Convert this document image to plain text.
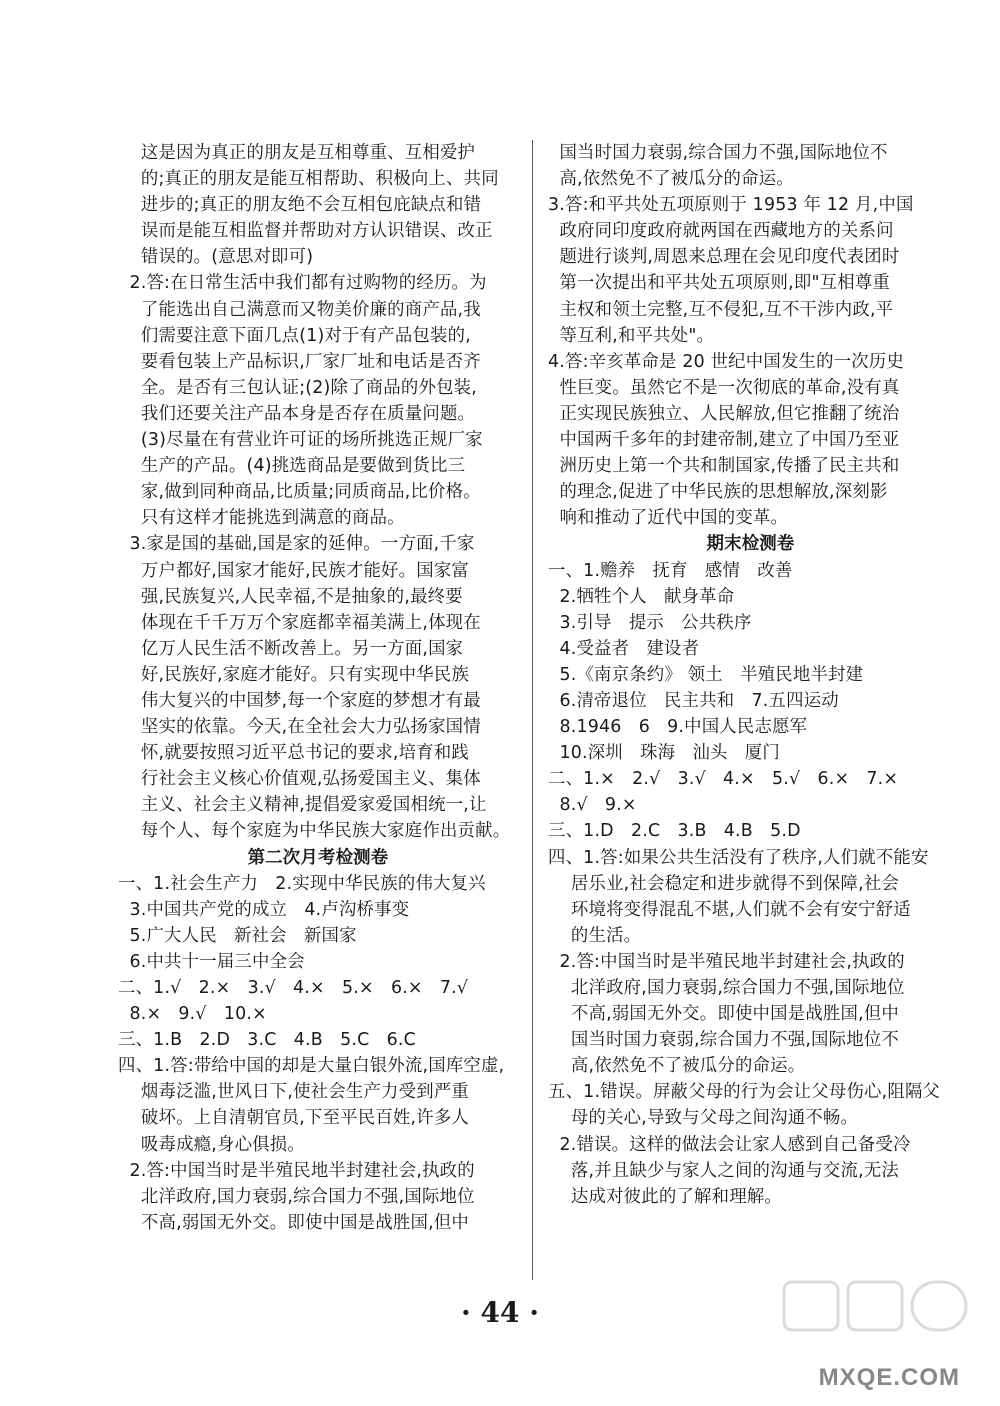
这是因为真正的朋友是互相尊重、互相爱护
的;真正的朋友是能互相帮助、积极向上、共同
进步的;真正的朋友绝不会互相包庇缺点和错
误而是能互相监督并帮助对方认识错误、改正
错误的。(意思对即可)
2.答:在日常生活中我们都有过购物的经历。为
了能选出自己满意而又物美价廉的商产品,我
们需要注意下面几点(1)对于有产品包装的,
要看包装上产品标识,厂家厂址和电话是否齐
全。是否有三包认证;(2)除了商品的外包装,
我们还要关注产品本身是否存在质量问题。
(3)尽量在有营业许可证的场所挑选正规厂家
生产的产品。(4)挑选商品是要做到货比三
家,做到同种商品,比质量;同质商品,比价格。
只有这样才能挑选到满意的商品。
3.家是国的基础,国是家的延伸。一方面,千家
万户都好,国家才能好,民族才能好。国家富
强,民族复兴,人民幸福,不是抽象的,最终要
体现在千千万万个家庭都幸福美满上,体现在
亿万人民生活不断改善上。另一方面,国家
好,民族好,家庭才能好。只有实现中华民族
伟大复兴的中国梦,每一个家庭的梦想才有最
坚实的依靠。今天,在全社会大力弘扬家国情
怀,就要按照习近平总书记的要求,培育和践
行社会主义核心价值观,弘扬爱国主义、集体
主义、社会主义精神,提倡爱家爱国相统一,让
每个人、每个家庭为中华民族大家庭作出贡献。
第二次月考检测卷
一、1.社会生产力   2.实现中华民族的伟大复兴
3.中国共产党的成立   4.卢沟桥事变
5.广大人民   新社会   新国家
6.中共十一届三中全会
二、1.√   2.×   3.√   4.×   5.×   6.×   7.√
8.×   9.√   10.×
三、1.B   2.D   3.C   4.B   5.C   6.C
四、1.答:带给中国的却是大量白银外流,国库空虚,
烟毒泛滥,世风日下,使社会生产力受到严重
破坏。上自清朝官员,下至平民百姓,许多人
吸毒成瘾,身心俱损。
2.答:中国当时是半殖民地半封建社会,执政的
北洋政府,国力衰弱,综合国力不强,国际地位
不高,弱国无外交。即使中国是战胜国,但中
国当时国力衰弱,综合国力不强,国际地位不
高,依然免不了被瓜分的命运。
3.答:和平共处五项原则于 1953 年 12 月,中国
政府同印度政府就两国在西藏地方的关系问
题进行谈判,周恩来总理在会见印度代表团时
第一次提出和平共处五项原则,即"互相尊重
主权和领土完整,互不侵犯,互不干涉内政,平
等互利,和平共处"。
4.答:辛亥革命是 20 世纪中国发生的一次历史
性巨变。虽然它不是一次彻底的革命,没有真
正实现民族独立、人民解放,但它推翻了统治
中国两千多年的封建帝制,建立了中国乃至亚
洲历史上第一个共和制国家,传播了民主共和
的理念,促进了中华民族的思想解放,深刻影
响和推动了近代中国的变革。
期末检测卷
一、1.赡养   抚育   感情   改善
2.牺牲个人   献身革命
3.引导   提示   公共秩序
4.受益者   建设者
5.《南京条约》 领土   半殖民地半封建
6.清帝退位   民主共和   7.五四运动
8.1946   6   9.中国人民志愿军
10.深圳   珠海   汕头   厦门
二、1.×   2.√   3.√   4.×   5.√   6.×   7.×
8.√   9.×
三、1.D   2.C   3.B   4.B   5.D
四、1.答:如果公共生活没有了秩序,人们就不能安
居乐业,社会稳定和进步就得不到保障,社会
环境将变得混乱不堪,人们就不会有安宁舒适
的生活。
2.答:中国当时是半殖民地半封建社会,执政的
北洋政府,国力衰弱,综合国力不强,国际地位
不高,弱国无外交。即使中国是战胜国,但中
国当时国力衰弱,综合国力不强,国际地位不
高,依然免不了被瓜分的命运。
五、1.错误。屏蔽父母的行为会让父母伤心,阻隔父
母的关心,导致与父母之间沟通不畅。
2.错误。这样的做法会让家人感到自己备受冷
落,并且缺少与家人之间的沟通与交流,无法
达成对彼此的了解和理解。
· 44 ·
MXQE.COM
